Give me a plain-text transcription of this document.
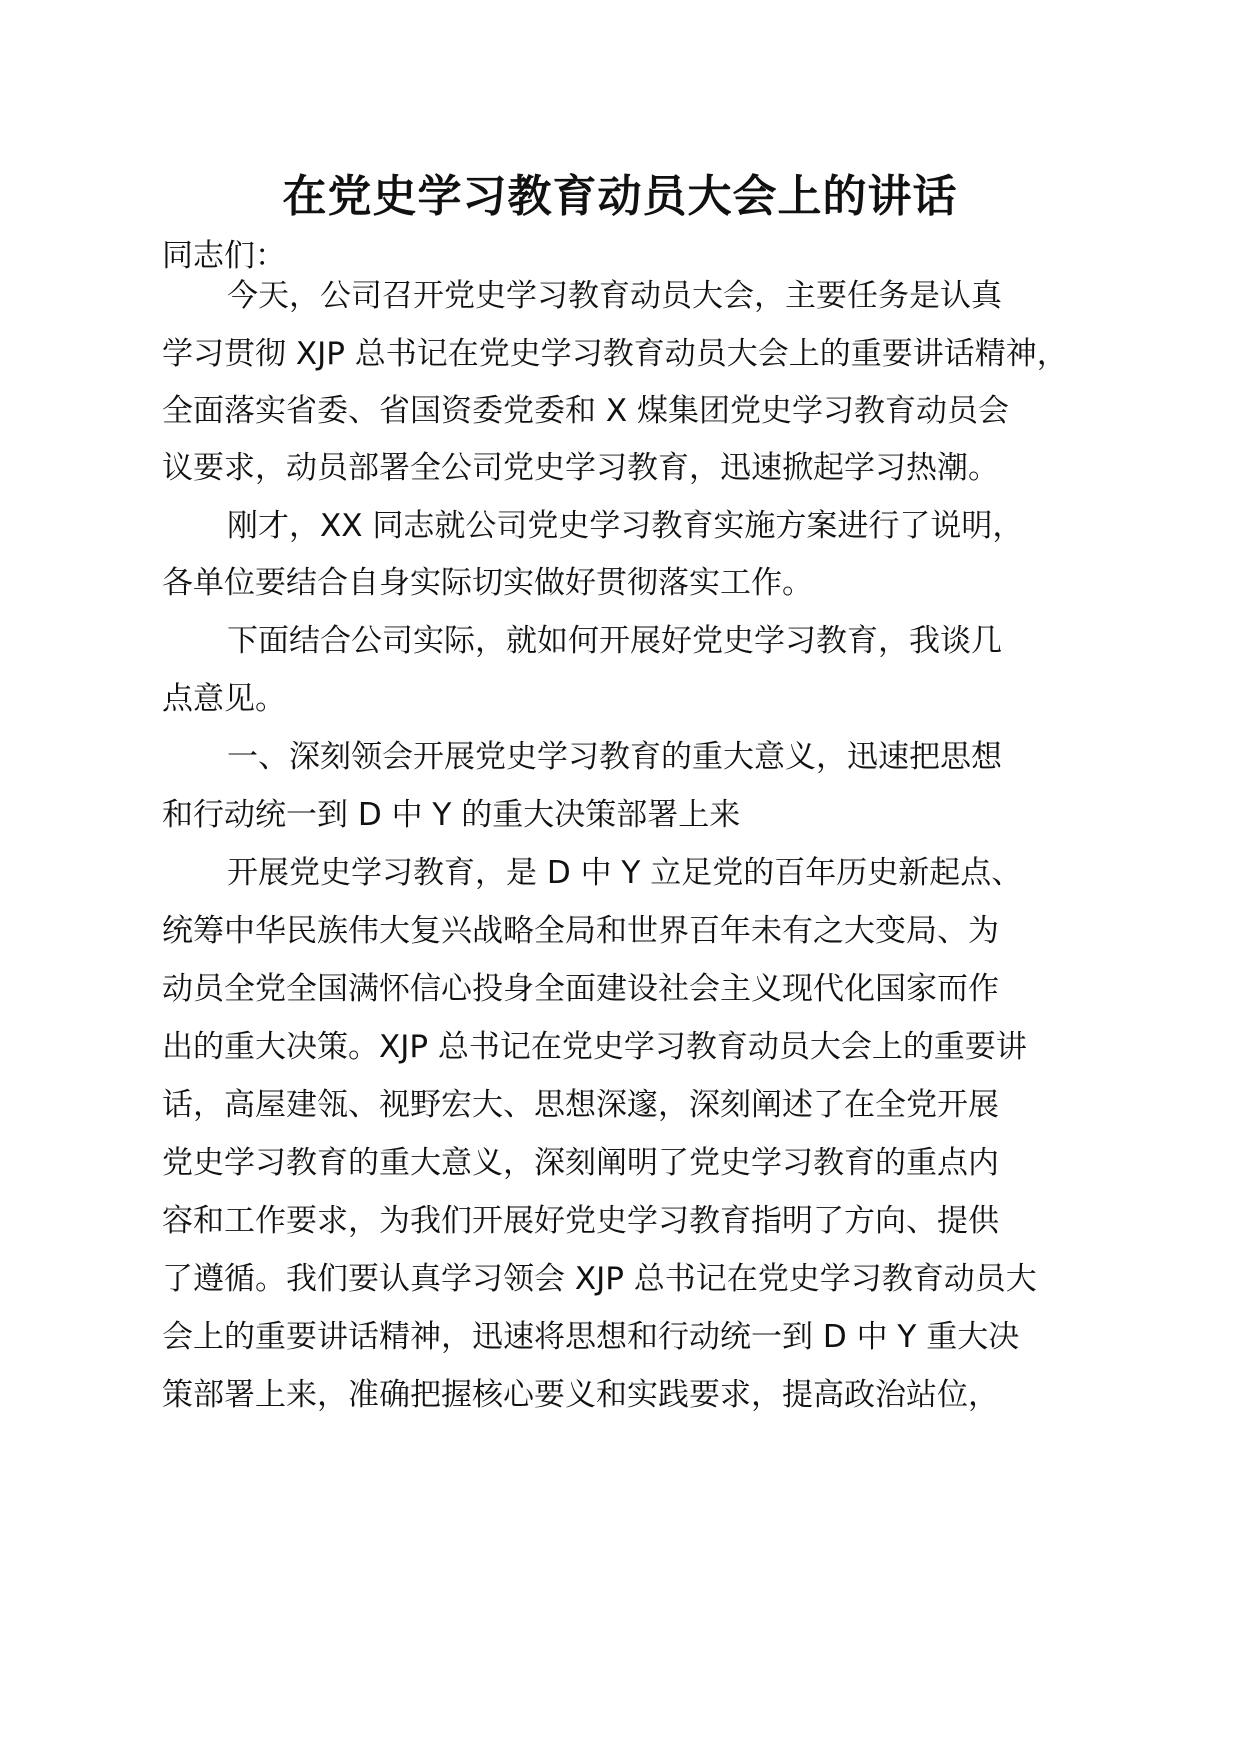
在党史学习教育动员大会上的讲话

同志们：

今天，公司召开党史学习教育动员大会，主要任务是认真

学习贯彻 XJP 总书记在党史学习教育动员大会上的重要讲话精神，

全面落实省委、省国资委党委和 X 煤集团党史学习教育动员会

议要求，动员部署全公司党史学习教育，迅速掀起学习热潮。

刚才，XX 同志就公司党史学习教育实施方案进行了说明，

各单位要结合自身实际切实做好贯彻落实工作。

下面结合公司实际，就如何开展好党史学习教育，我谈几

点意见。

一、深刻领会开展党史学习教育的重大意义，迅速把思想

和行动统一到 D 中 Y 的重大决策部署上来

开展党史学习教育，是 D 中 Y 立足党的百年历史新起点、

统筹中华民族伟大复兴战略全局和世界百年未有之大变局、为

动员全党全国满怀信心投身全面建设社会主义现代化国家而作

出的重大决策。XJP 总书记在党史学习教育动员大会上的重要讲

话，高屋建瓴、视野宏大、思想深邃，深刻阐述了在全党开展

党史学习教育的重大意义，深刻阐明了党史学习教育的重点内

容和工作要求，为我们开展好党史学习教育指明了方向、提供

了遵循。我们要认真学习领会 XJP 总书记在党史学习教育动员大

会上的重要讲话精神，迅速将思想和行动统一到 D 中 Y 重大决

策部署上来，准确把握核心要义和实践要求，提高政治站位，
